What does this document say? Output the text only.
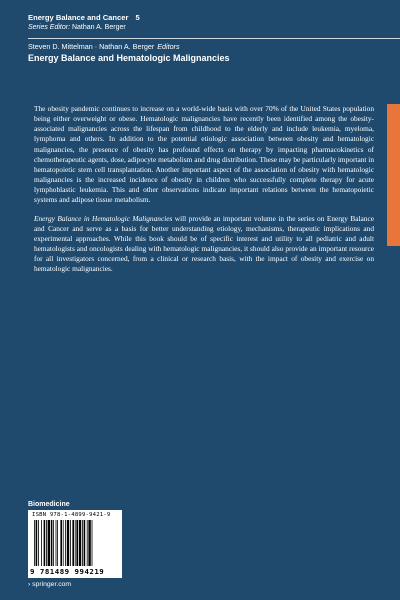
Energy Balance and Cancer 5
Series Editor: Nathan A. Berger
Steven D. Mittelman · Nathan A. Berger Editors
Energy Balance and Hematologic Malignancies

The obesity pandemic continues to increase on a world-wide basis with over 70% of the United States population being either overweight or obese. Hematologic malignancies have recently been identified among the obesity-associated malignancies across the lifespan from childhood to the elderly and include leukemia, myeloma, lymphoma and others. In addition to the potential etiologic association between obesity and hematologic malignancies, the presence of obesity has profound effects on therapy by impacting pharmacokinetics of chemotherapeutic agents, dose, adipocyte metabolism and drug distribution. These may be particularly important in hematopoietic stem cell transplantation. Another important aspect of the association of obesity with hematologic malignancies is the increased incidence of obesity in children who successfully complete therapy for acute lymphoblastic leukemia. This and other observations indicate important relations between the hematopoietic systems and adipose tissue metabolism.

Energy Balance in Hematologic Malignancies will provide an important volume in the series on Energy Balance and Cancer and serve as a basis for better understanding etiology, mechanisms, therapeutic implications and experimental approaches. While this book should be of specific interest and utility to all pediatric and adult hematologists and oncologists dealing with hematologic malignancies, it should also provide an important resource for all investigators concerned, from a clinical or research basis, with the impact of obesity and exercise on hematologic malignancies.

Biomedicine
ISBN 978-1-4899-9421-9
9 781489 994219
› springer.com
